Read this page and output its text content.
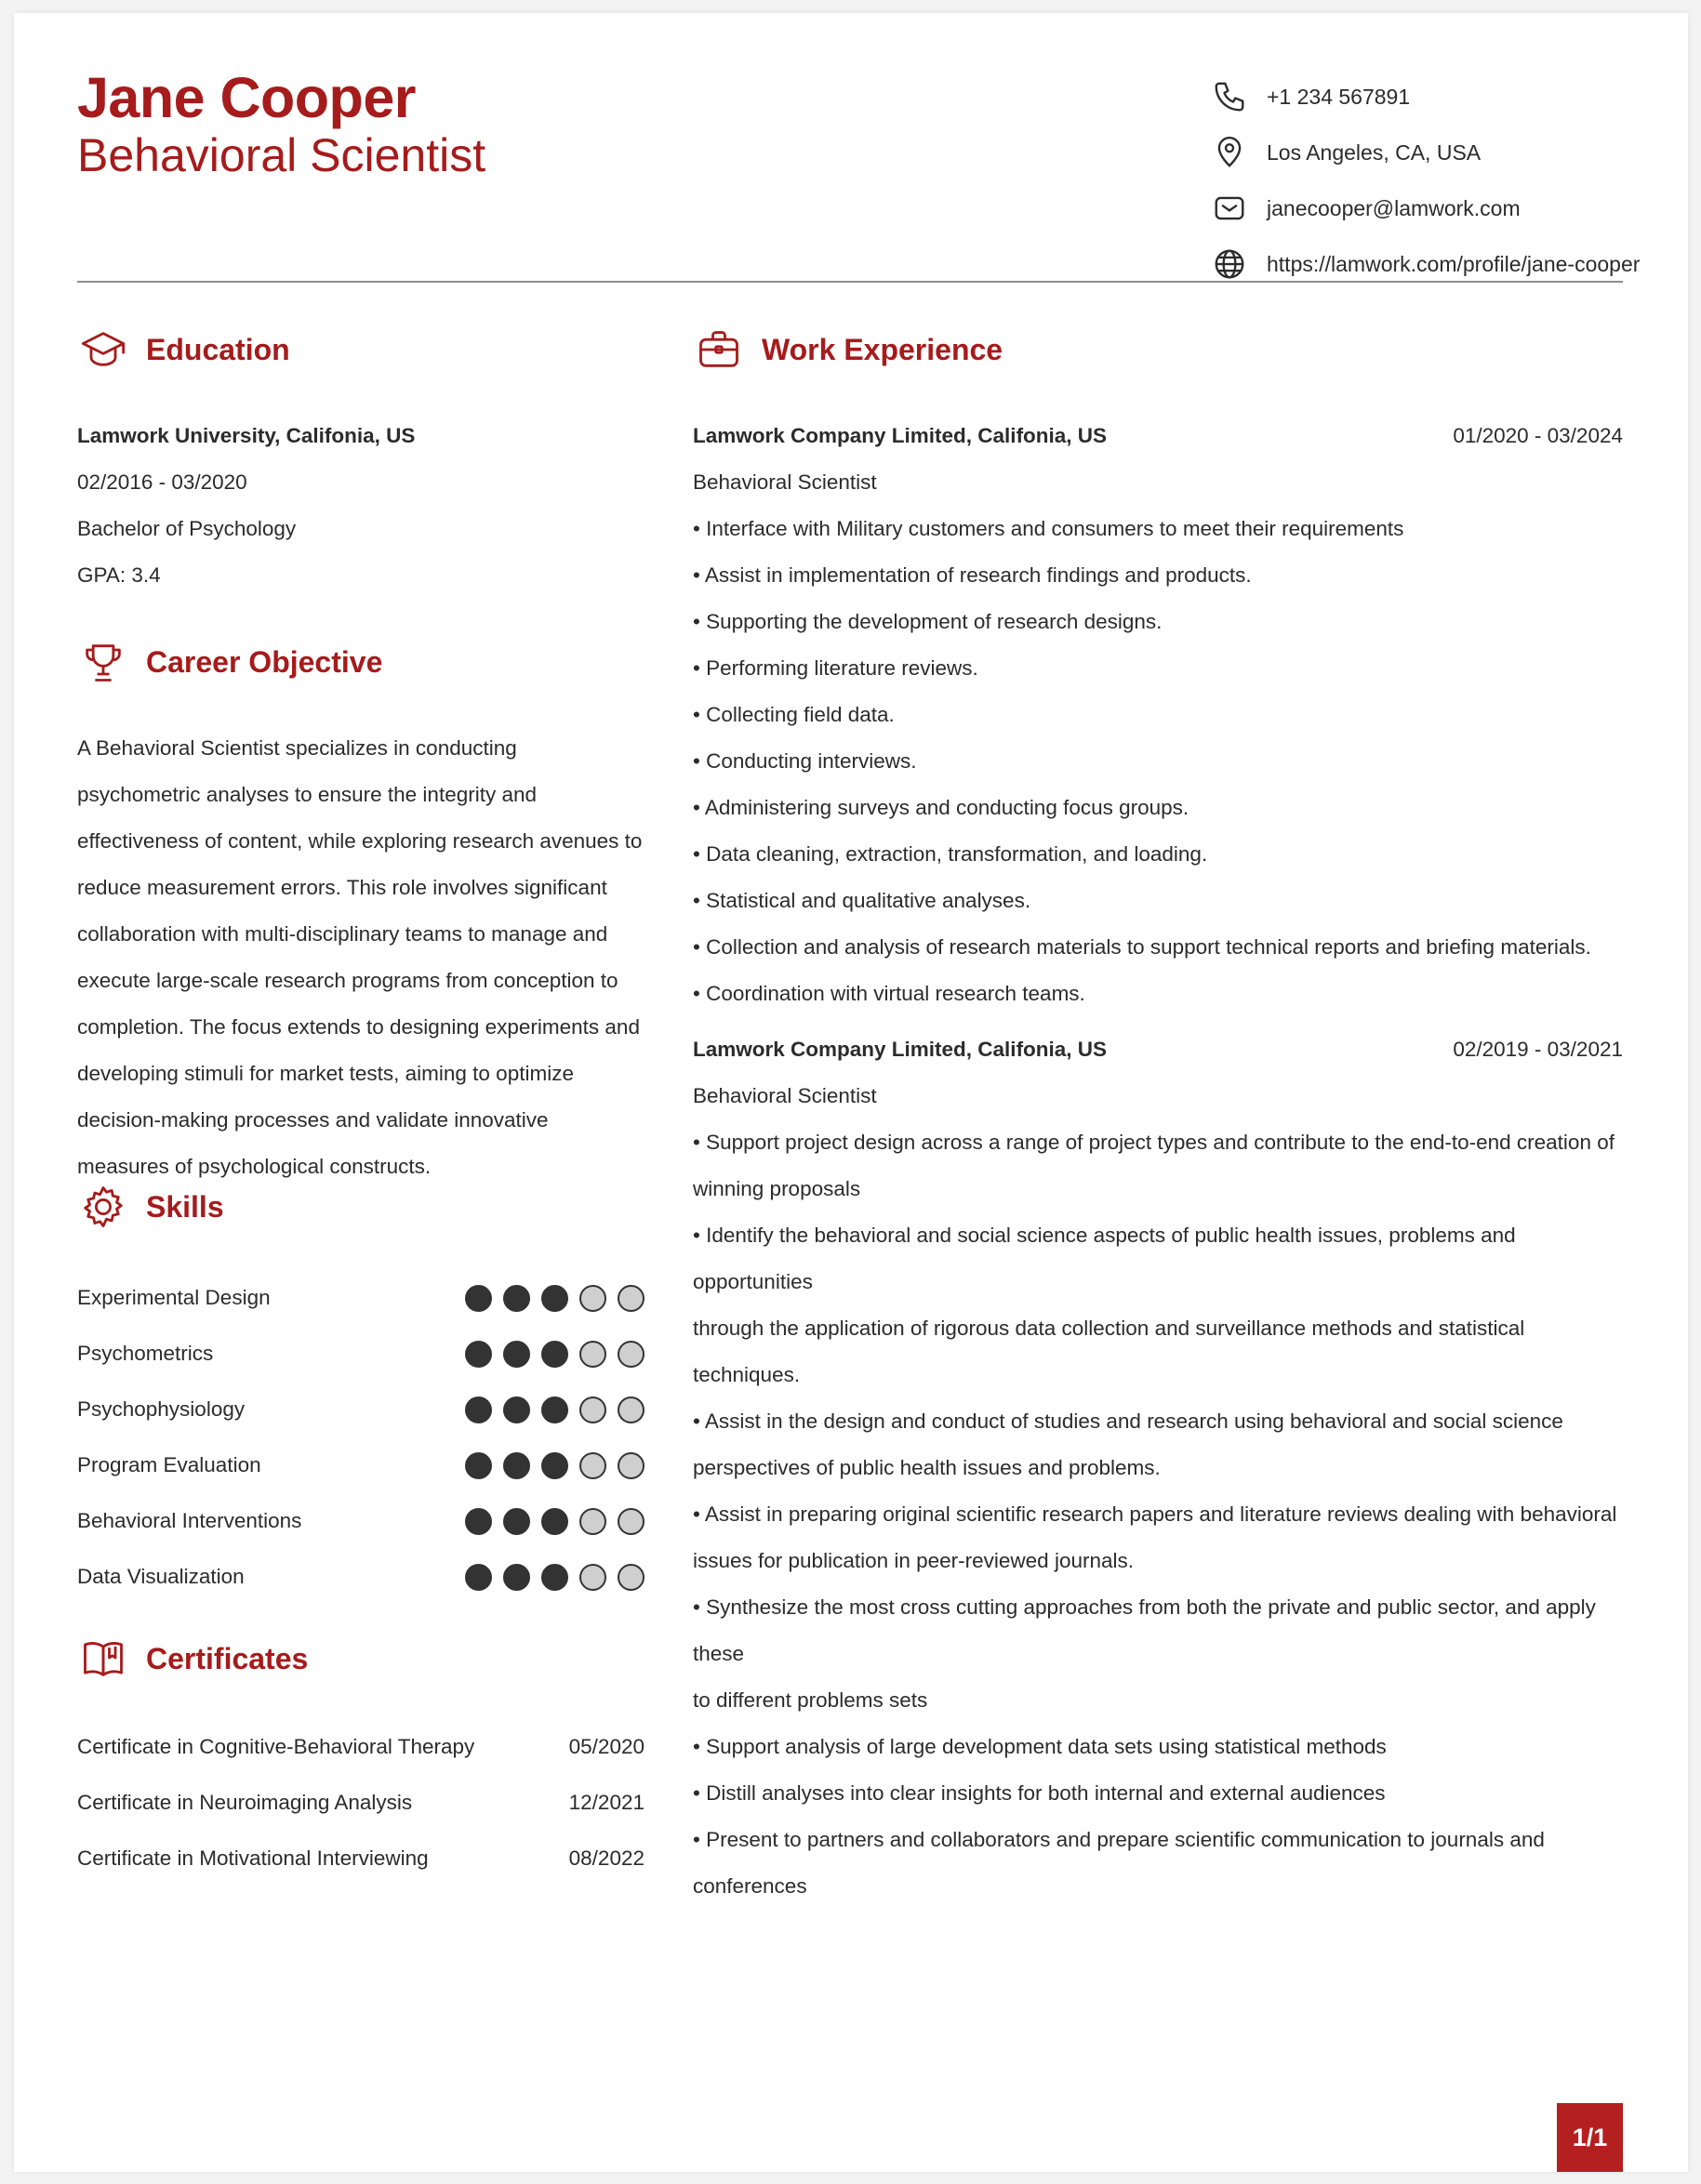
Jane Cooper
Behavioral Scientist
+1 234 567891
Los Angeles, CA, USA
janecooper@lamwork.com
https://lamwork.com/profile/jane-cooper
Education
Lamwork University, Califonia, US
02/2016 - 03/2020
Bachelor of Psychology
GPA: 3.4
Career Objective
A Behavioral Scientist specializes in conducting psychometric analyses to ensure the integrity and effectiveness of content, while exploring research avenues to reduce measurement errors. This role involves significant collaboration with multi-disciplinary teams to manage and execute large-scale research programs from conception to completion. The focus extends to designing experiments and developing stimuli for market tests, aiming to optimize decision-making processes and validate innovative measures of psychological constructs.
Skills
Experimental Design
Psychometrics
Psychophysiology
Program Evaluation
Behavioral Interventions
Data Visualization
Certificates
Certificate in Cognitive-Behavioral Therapy	05/2020
Certificate in Neuroimaging Analysis	12/2021
Certificate in Motivational Interviewing	08/2022
Work Experience
Lamwork Company Limited, Califonia, US	01/2020 - 03/2024
Behavioral Scientist
• Interface with Military customers and consumers to meet their requirements
• Assist in implementation of research findings and products.
• Supporting the development of research designs.
• Performing literature reviews.
• Collecting field data.
• Conducting interviews.
• Administering surveys and conducting focus groups.
• Data cleaning, extraction, transformation, and loading.
• Statistical and qualitative analyses.
• Collection and analysis of research materials to support technical reports and briefing materials.
• Coordination with virtual research teams.
Lamwork Company Limited, Califonia, US	02/2019 - 03/2021
Behavioral Scientist
• Support project design across a range of project types and contribute to the end-to-end creation of
winning proposals
• Identify the behavioral and social science aspects of public health issues, problems and opportunities
through the application of rigorous data collection and surveillance methods and statistical techniques.
• Assist in the design and conduct of studies and research using behavioral and social science
perspectives of public health issues and problems.
• Assist in preparing original scientific research papers and literature reviews dealing with behavioral
issues for publication in peer-reviewed journals.
• Synthesize the most cross cutting approaches from both the private and public sector, and apply these
to different problems sets
• Support analysis of large development data sets using statistical methods
• Distill analyses into clear insights for both internal and external audiences
• Present to partners and collaborators and prepare scientific communication to journals and conferences
1/1
